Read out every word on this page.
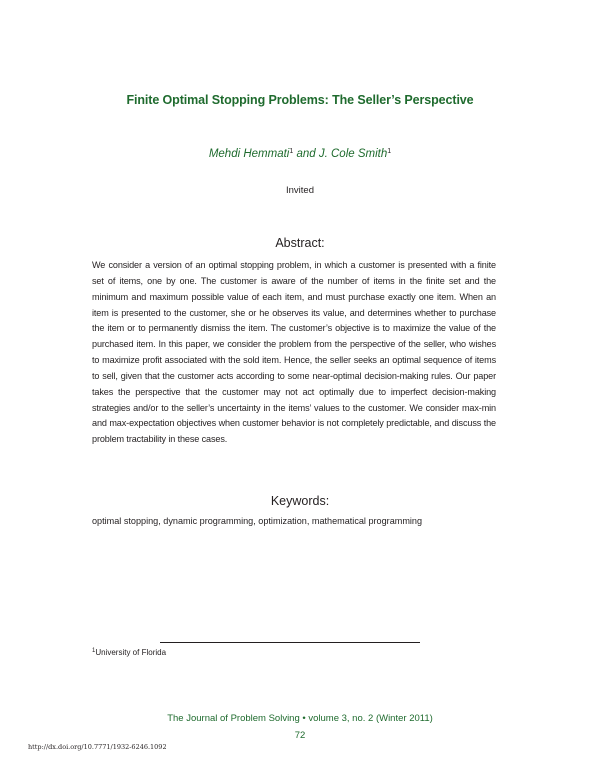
Finite Optimal Stopping Problems: The Seller’s Perspective
Mehdi Hemmati$^1$ and J. Cole Smith$^1$
Invited
Abstract:
We consider a version of an optimal stopping problem, in which a customer is presented with a finite set of items, one by one. The customer is aware of the number of items in the finite set and the minimum and maximum possible value of each item, and must purchase exactly one item. When an item is presented to the customer, she or he observes its value, and determines whether to purchase the item or to permanently dismiss the item. The customer’s objective is to maximize the value of the purchased item. In this paper, we consider the problem from the perspective of the seller, who wishes to maximize profit associated with the sold item. Hence, the seller seeks an optimal sequence of items to sell, given that the customer acts according to some near-optimal decision-making rules. Our paper takes the perspective that the customer may not act optimally due to imperfect decision-making strategies and/or to the seller’s uncertainty in the items’ values to the customer. We consider max-min and max-expectation objectives when customer behavior is not completely predictable, and discuss the problem tractability in these cases.
Keywords:
optimal stopping, dynamic programming, optimization, mathematical programming
$^1$University of Florida
The Journal of Problem Solving • volume 3, no. 2 (Winter 2011)
72
http://dx.doi.org/10.7771/1932-6246.1092
